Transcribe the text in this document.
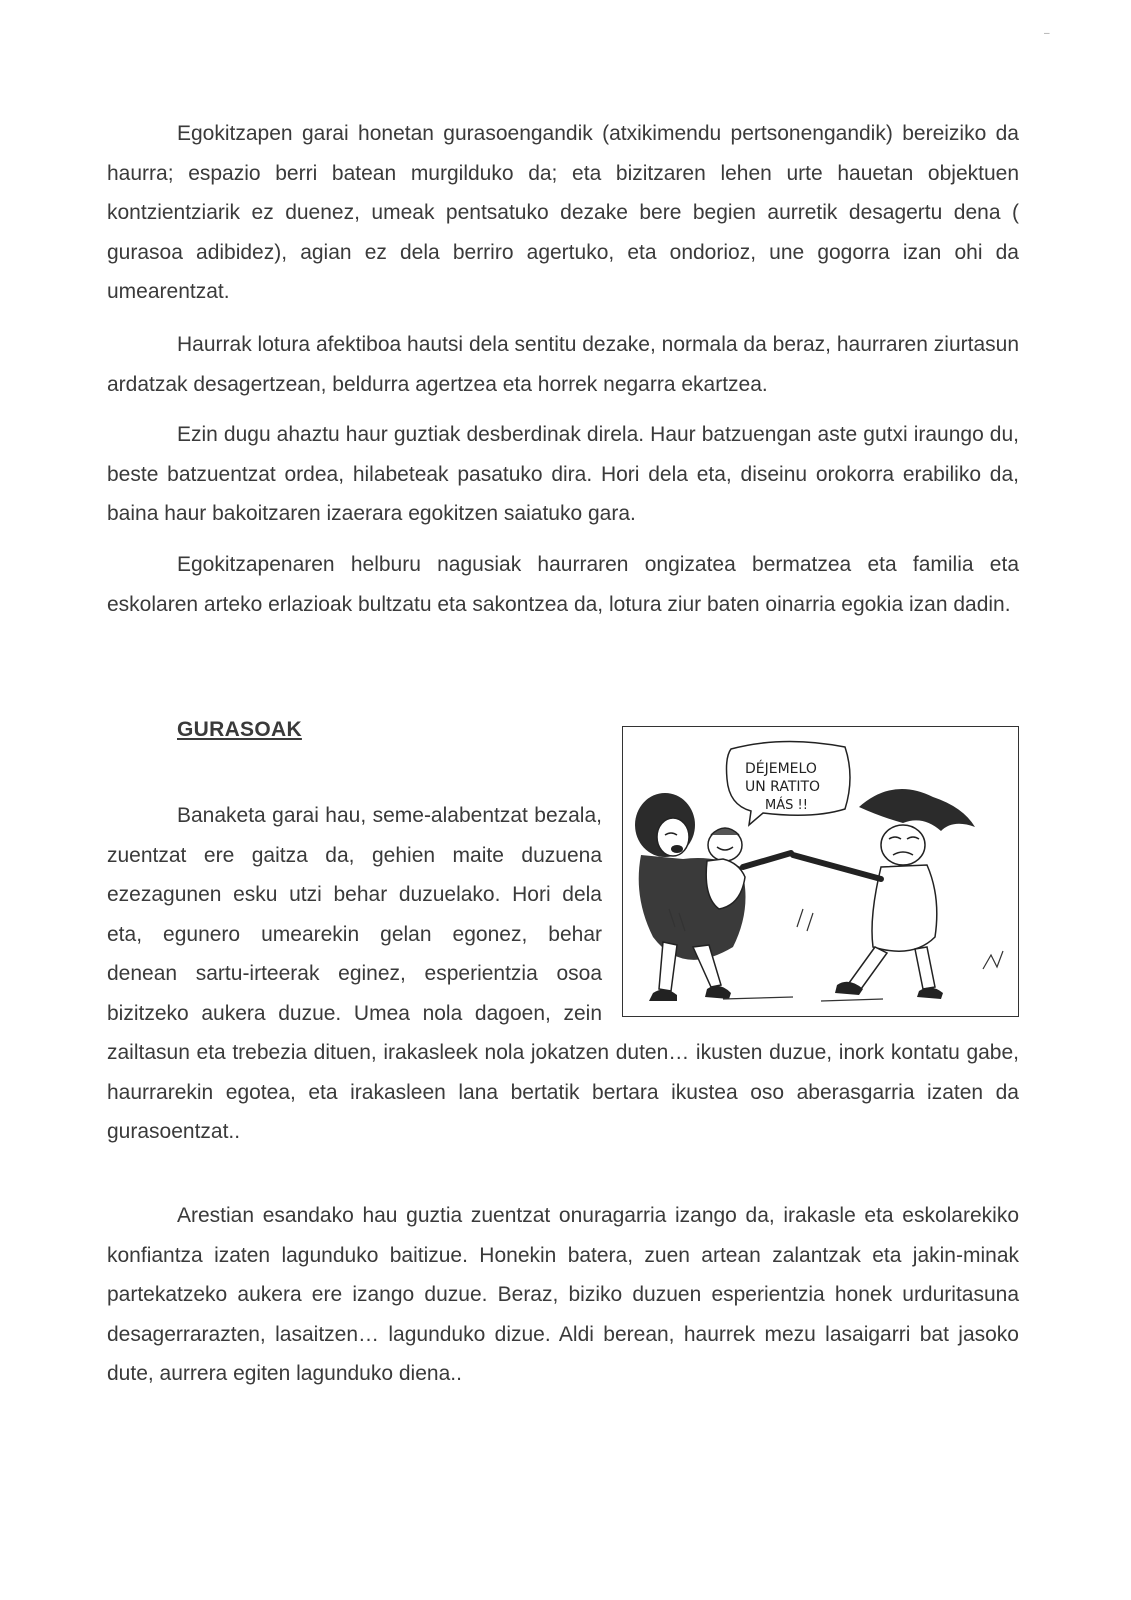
–

Egokitzapen garai honetan gurasoengandik (atxikimendu pertsonengandik) bereiziko da haurra; espazio berri batean murgilduko da; eta bizitzaren lehen urte hauetan objektuen kontzientziarik ez duenez, umeak pentsatuko dezake bere begien aurretik desagertu dena ( gurasoa adibidez), agian ez dela berriro agertuko, eta ondorioz, une gogorra izan ohi da umearentzat.

Haurrak lotura afektiboa hautsi dela sentitu dezake, normala da beraz, haurraren ziurtasun ardatzak desagertzean, beldurra agertzea eta horrek negarra ekartzea.

Ezin dugu ahaztu haur guztiak desberdinak direla. Haur batzuengan aste gutxi iraungo du, beste batzuentzat ordea, hilabeteak pasatuko dira. Hori dela eta, diseinu orokorra erabiliko da, baina haur bakoitzaren izaerara egokitzen saiatuko gara.

Egokitzapenaren helburu nagusiak haurraren ongizatea bermatzea eta familia eta eskolaren arteko erlazioak bultzatu eta sakontzea da, lotura ziur baten oinarria egokia izan dadin.

GURASOAK
DÉJEMELO
UN RATITO
MÁS !!

Banaketa garai hau, seme-alabentzat bezala, zuentzat ere gaitza da, gehien maite duzuena ezezagunen esku utzi behar duzuelako. Hori dela eta, egunero umearekin gelan egonez, behar denean sartu-irteerak eginez, esperientzia osoa bizitzeko aukera duzue. Umea nola dagoen, zein zailtasun eta trebezia dituen, irakasleek nola jokatzen duten… ikusten duzue, inork kontatu gabe, haurrarekin egotea, eta irakasleen lana bertatik bertara ikustea oso aberasgarria izaten da gurasoentzat..

Arestian esandako hau guztia zuentzat onuragarria izango da, irakasle eta eskolarekiko konfiantza izaten lagunduko baitizue. Honekin batera, zuen artean zalantzak eta jakin-minak partekatzeko aukera ere izango duzue. Beraz, biziko duzuen esperientzia honek urduritasuna desagerrarazten, lasaitzen… lagunduko dizue. Aldi berean, haurrek mezu lasaigarri bat jasoko dute, aurrera egiten lagunduko diena..
